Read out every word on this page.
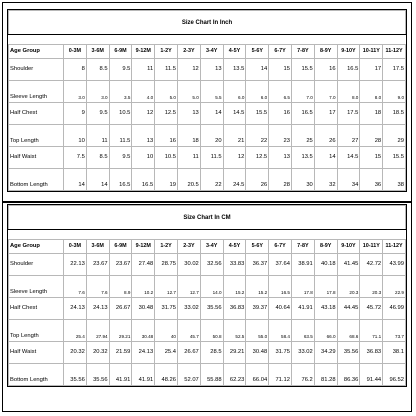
Size Chart In Inch															

Age Group	0-3M	3-6M	6-9M	9-12M	1-2Y	2-3Y	3-4Y	4-5Y	5-6Y	6-7Y	7-8Y	8-9Y	9-10Y	10-11Y	11-12Y
Shoulder	8	8.5	9.5	11	11.5	12	13	13.5	14	15	15.5	16	16.5	17	17.5
Sleeve Length	3.0	3.0	3.5	4.0	5.0	5.0	5.5	6.0	6.0	6.5	7.0	7.0	8.0	8.0	9.0
Half Chest	9	9.5	10.5	12	12.5	13	14	14.5	15.5	16	16.5	17	17.5	18	18.5
Top Length	10	11	11.5	13	16	18	20	21	22	23	25	26	27	28	29
Half Waist	7.5	8.5	9.5	10	10.5	11	11.5	12	12.5	13	13.5	14	14.5	15	15.5
Bottom Length	14	14	16.5	16.5	19	20.5	22	24.5	26	28	30	32	34	36	38
Size Chart In CM															

Age Group	0-3M	3-6M	6-9M	9-12M	1-2Y	2-3Y	3-4Y	4-5Y	5-6Y	6-7Y	7-8Y	8-9Y	9-10Y	10-11Y	11-12Y
Shoulder	22.13	23.67	23.67	27.48	28.75	30.02	32.56	33.83	36.37	37.64	38.91	40.18	41.45	42.72	43.99
Sleeve Length	7.6	7.6	8.9	10.2	12.7	12.7	14.0	15.2	15.2	16.5	17.8	17.8	20.3	20.3	22.9
Half Chest	24.13	24.13	26.67	30.48	31.75	33.02	35.56	36.83	39.37	40.64	41.91	43.18	44.45	45.72	46.99
Top Length	25.4	27.94	29.21	30.48	40	45.7	50.8	52.5	55.0	58.4	63.5	66.0	68.6	71.1	73.7
Half Waist	20.32	20.32	21.59	24.13	25.4	26.67	28.5	29.21	30.48	31.75	33.02	34.29	35.56	36.83	38.1
Bottom Length	35.56	35.56	41.91	41.91	48.26	52.07	55.88	62.23	66.04	71.12	76.2	81.28	86.36	91.44	96.52
